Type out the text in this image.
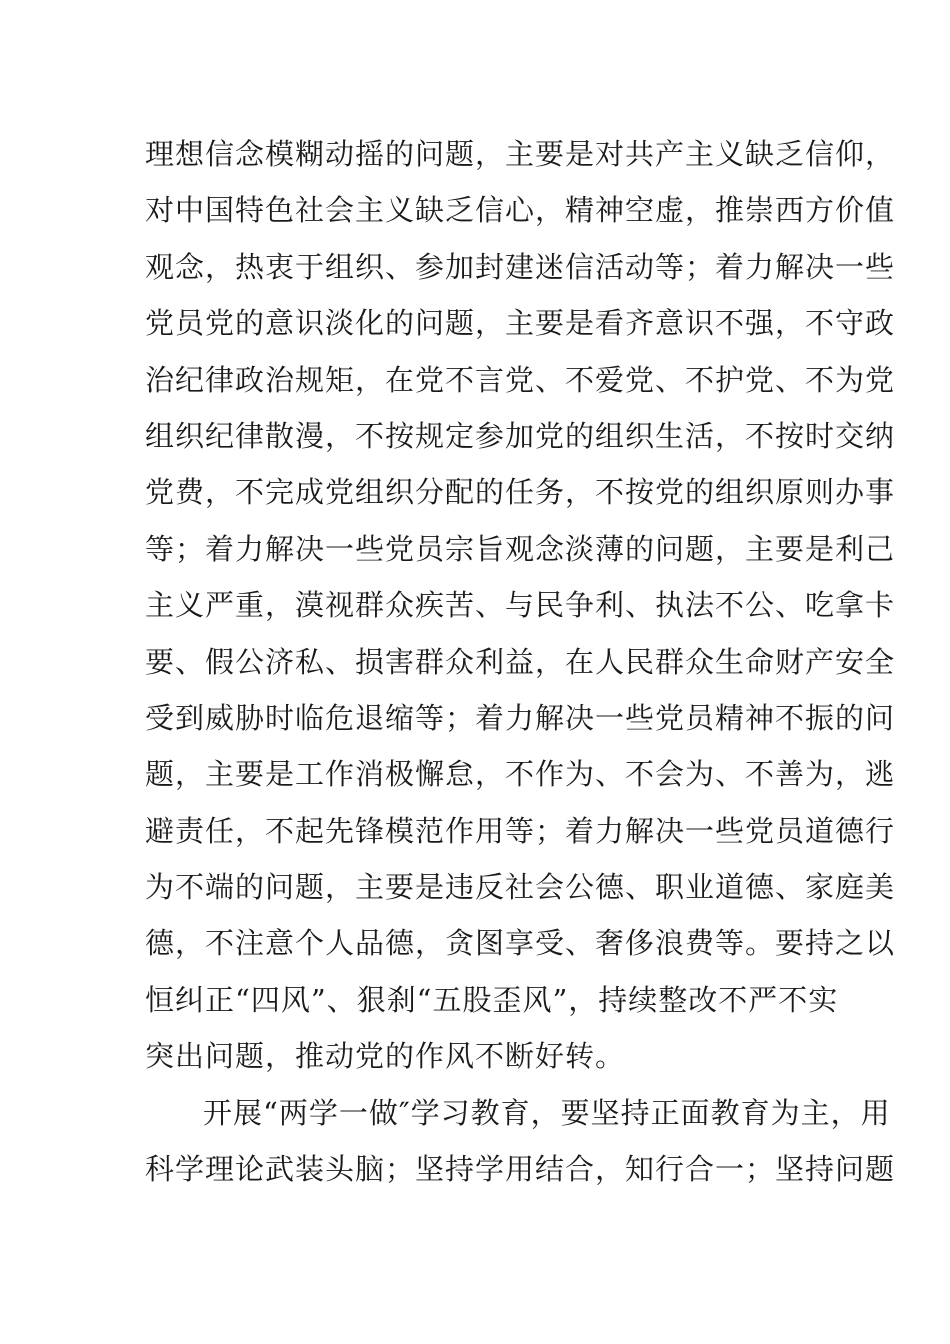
理想信念模糊动摇的问题，主要是对共产主义缺乏信仰，
对中国特色社会主义缺乏信心，精神空虚，推崇西方价值
观念，热衷于组织、参加封建迷信活动等；着力解决一些
党员党的意识淡化的问题，主要是看齐意识不强，不守政
治纪律政治规矩，在党不言党、不爱党、不护党、不为党
组织纪律散漫，不按规定参加党的组织生活，不按时交纳
党费，不完成党组织分配的任务，不按党的组织原则办事
等；着力解决一些党员宗旨观念淡薄的问题，主要是利己
主义严重，漠视群众疾苦、与民争利、执法不公、吃拿卡
要、假公济私、损害群众利益，在人民群众生命财产安全
受到威胁时临危退缩等；着力解决一些党员精神不振的问
题，主要是工作消极懈怠，不作为、不会为、不善为，逃
避责任，不起先锋模范作用等；着力解决一些党员道德行
为不端的问题，主要是违反社会公德、职业道德、家庭美
德，不注意个人品德，贪图享受、奢侈浪费等。要持之以
恒纠正“四风”、狠刹“五股歪风”，持续整改不严不实
突出问题，推动党的作风不断好转。
开展“两学一做″学习教育，要坚持正面教育为主，用
科学理论武装头脑；坚持学用结合，知行合一；坚持问题
